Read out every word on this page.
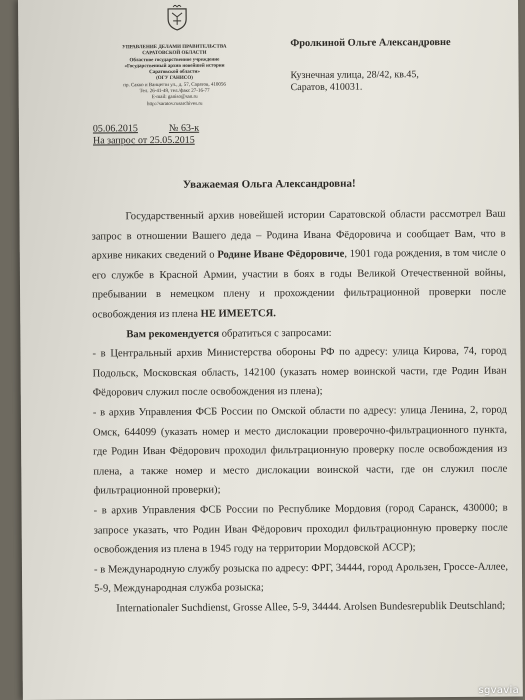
УПРАВЛЕНИЕ ДЕЛАМИ ПРАВИТЕЛЬСТВА
САРАТОВСКОЙ ОБЛАСТИ
Областное государственное учреждение
«Государственный архив новейшей истории
Саратовской области»
(ОГУ ГАНИСО)
пр. Сакко и Ванцетти ул., д. 57, Саратов, 410056
Тел. 26-41-49, тел./факс 27-16-77
E-mail: ganiso@san.ru
http://saratov.rusarchives.ru
05.06.2015	№ 63-к
На запрос от 25.05.2015
Фролкиной Ольге Александровне
Кузнечная улица, 28/42, кв.45,
Саратов, 410031.
Уважаемая Ольга Александровна!

Государственный архив новейшей истории Саратовской области рассмотрел Ваш запрос в отношении Вашего деда – Родина Ивана Фёдоровича и сообщает Вам, что в архиве никаких сведений о Родине Иване Фёдоровиче, 1901 года рождения, в том числе о его службе в Красной Армии, участии в боях в годы Великой Отечественной войны, пребывании в немецком плену и прохождении фильтрационной проверки после освобождения из плена НЕ ИМЕЕТСЯ.

Вам рекомендуется обратиться с запросами:

- в Центральный архив Министерства обороны РФ по адресу: улица Кирова, 74, город Подольск, Московская область, 142100 (указать номер воинской части, где Родин Иван Фёдорович служил после освобождения из плена);

- в архив Управления ФСБ России по Омской области по адресу: улица Ленина, 2, город Омск, 644099 (указать номер и место дислокации проверочно-фильтрационного пункта, где Родин Иван Фёдорович проходил фильтрационную проверку после освобождения из плена, а также номер и место дислокации воинской части, где он служил после фильтрационной проверки);

- в архив Управления ФСБ России по Республике Мордовия (город Саранск, 430000; в запросе указать, что Родин Иван Фёдорович проходил фильтрационную проверку после освобождения из плена в 1945 году на территории Мордовской АССР);

- в Международную службу розыска по адресу: ФРГ, 34444, город Арользен, Гроссе-Аллее, 5-9, Международная служба розыска;

Internationaler Suchdienst, Grosse Allee, 5-9, 34444. Arolsen Bundesrepublik Deutschland;

sgvavia
